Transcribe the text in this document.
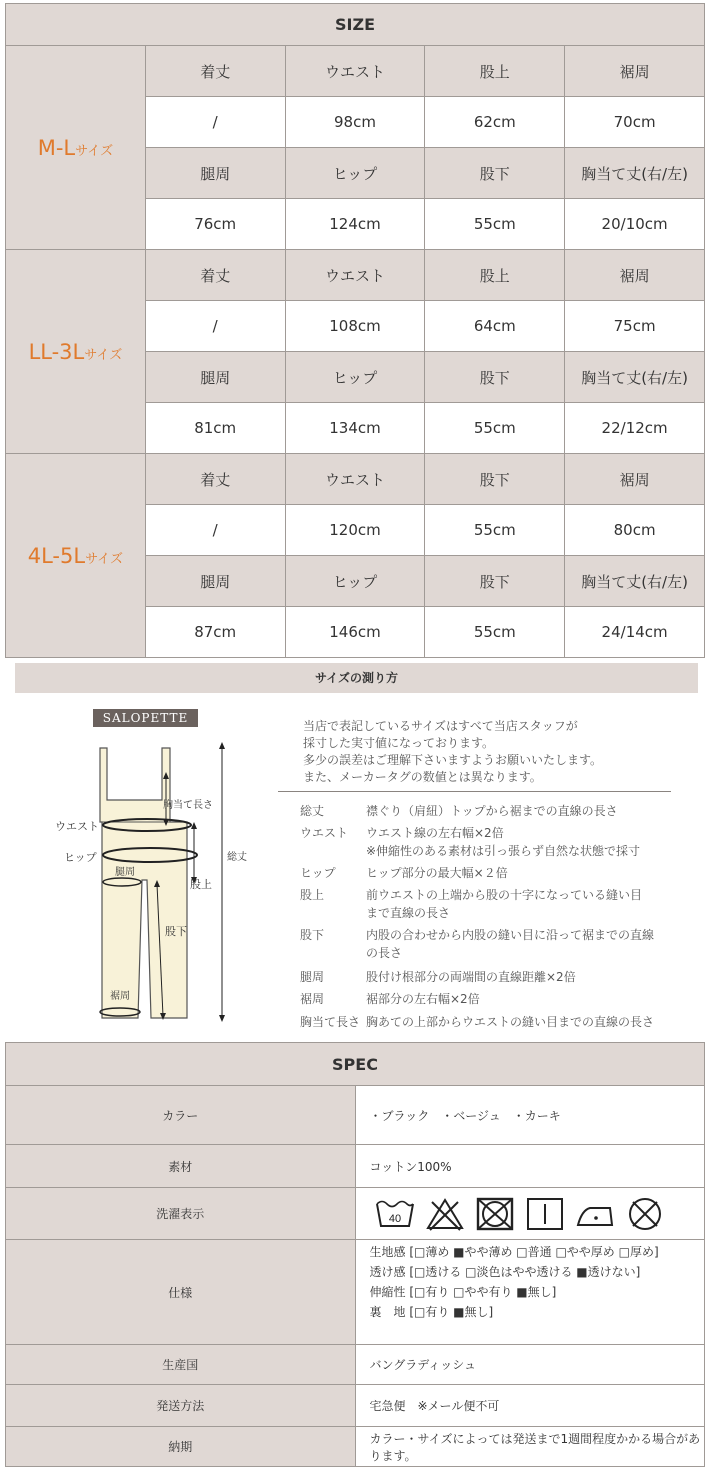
SIZE				
M-Lサイズ	着丈	ウエスト	股上	裾周
	/	98cm	62cm	70cm
	腿周	ヒップ	股下	胸当て丈(右/左)
	76cm	124cm	55cm	20/10cm
LL-3Lサイズ	着丈	ウエスト	股上	裾周
	/	108cm	64cm	75cm
	腿周	ヒップ	股下	胸当て丈(右/左)
	81cm	134cm	55cm	22/12cm
4L-5Lサイズ	着丈	ウエスト	股下	裾周
	/	120cm	55cm	80cm
	腿周	ヒップ	股下	胸当て丈(右/左)
	87cm	146cm	55cm	24/14cm
サイズの測り方
SALOPETTE
胸当て長さ
ウエスト
ヒップ
腿周
総丈
股上
股下
裾周
当店で表記しているサイズはすべて当店スタッフが
採寸した実寸値になっております。
多少の誤差はご理解下さいますようお願いいたします。
また、メーカータグの数値とは異なります。
総丈	襟ぐり（肩紐）トップから裾までの直線の長さ
ウエスト	ウエスト線の左右幅×2倍
※伸縮性のある素材は引っ張らず自然な状態で採寸
ヒップ	ヒップ部分の最大幅×２倍
股上	前ウエストの上端から股の十字になっている縫い目
まで直線の長さ
股下	内股の合わせから内股の縫い目に沿って裾までの直線
の長さ
腿周	股付け根部分の両端間の直線距離×2倍
裾周	裾部分の左右幅×2倍
胸当て長さ 胸あての上部からウエストの縫い目までの直線の長さ
SPEC	
カラー	・ブラック　・ベージュ　・カーキ
素材	コットン100%
洗濯表示	40

仕様	生地感 [□薄め ■やや薄め □普通 □やや厚め □厚め]
透け感 [□透ける □淡色はやや透ける ■透けない]
伸縮性 [□有り □やや有り ■無し]
裏　地 [□有り ■無し]

生産国	バングラディッシュ
発送方法	宅急便　※メール便不可
納期	カラー・サイズによっては発送まで1週間程度かかる場合があります。
